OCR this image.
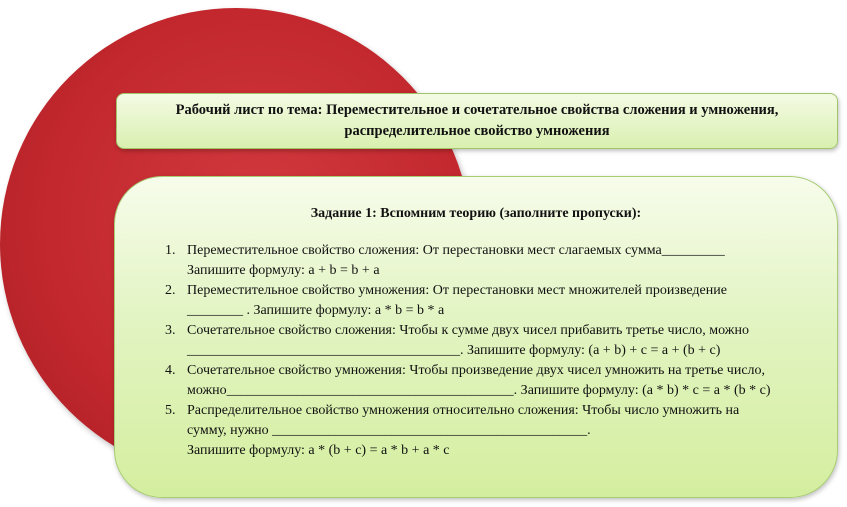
Рабочий лист по тема: Переместительное и сочетательное свойства сложения и умножения,
распределительное свойство умножения

Задание 1: Вспомним теорию (заполните пропуски):

1. Переместительное свойство сложения: От перестановки мест слагаемых сумма_________
Запишите формулу: a + b = b + a
2. Переместительное свойство умножения: От перестановки мест множителей произведение
________ . Запишите формулу: a * b = b * a
3. Сочетательное свойство сложения: Чтобы к сумме двух чисел прибавить третье число, можно
_______________________________________. Запишите формулу: (a + b) + c = a + (b + c)
4. Сочетательное свойство умножения: Чтобы произведение двух чисел умножить на третье число,
можно_________________________________________. Запишите формулу: (a * b) * c = a * (b * c)
5. Распределительное свойство умножения относительно сложения: Чтобы число умножить на
сумму, нужно _____________________________________________.
Запишите формулу: a * (b + c) = a * b + a * c
